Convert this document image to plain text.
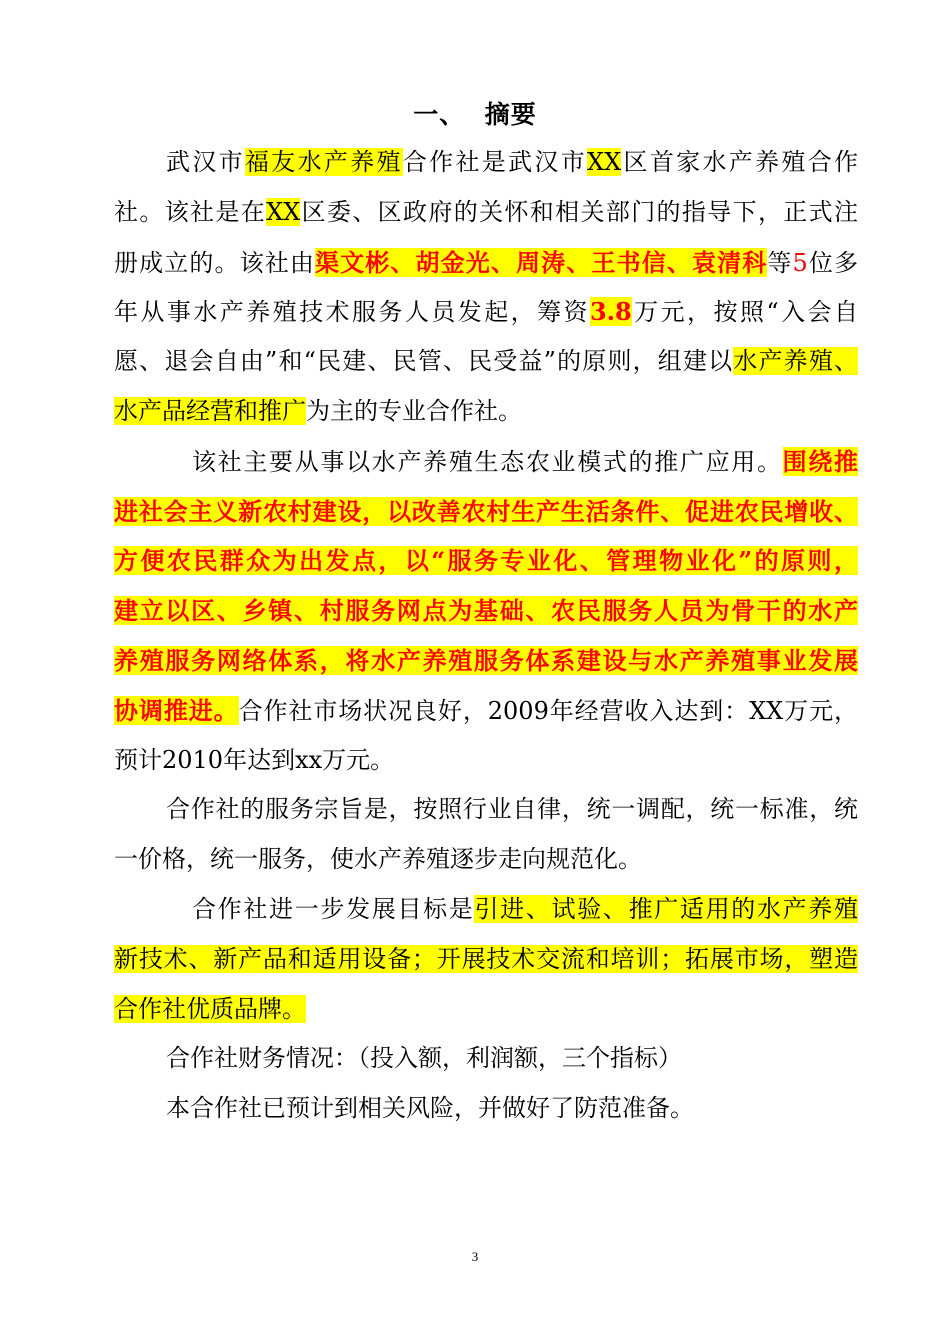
一、  摘要
武汉市福友水产养殖合作社是武汉市XX区首家水产养殖合作
社。该社是在XX区委、区政府的关怀和相关部门的指导下，正式注
册成立的。该社由渠文彬、胡金光、周涛、王书信、袁清科等5位多
年从事水产养殖技术服务人员发起，筹资3.8万元，按照“入会自
愿、退会自由”和“民建、民管、民受益”的原则，组建以水产养殖、
水产品经营和推广为主的专业合作社。
该社主要从事以水产养殖生态农业模式的推广应用。围绕推
进社会主义新农村建设，以改善农村生产生活条件、促进农民增收、
方便农民群众为出发点，以“服务专业化、管理物业化”的原则，
建立以区、乡镇、村服务网点为基础、农民服务人员为骨干的水产
养殖服务网络体系，将水产养殖服务体系建设与水产养殖事业发展
协调推进。合作社市场状况良好，2009年经营收入达到：XX万元，
预计2010年达到xx万元。
合作社的服务宗旨是，按照行业自律，统一调配，统一标准，统
一价格，统一服务，使水产养殖逐步走向规范化。
合作社进一步发展目标是引进、试验、推广适用的水产养殖
新技术、新产品和适用设备；开展技术交流和培训；拓展市场，塑造
合作社优质品牌。
合作社财务情况：（投入额，利润额，三个指标）
本合作社已预计到相关风险，并做好了防范准备。
3
